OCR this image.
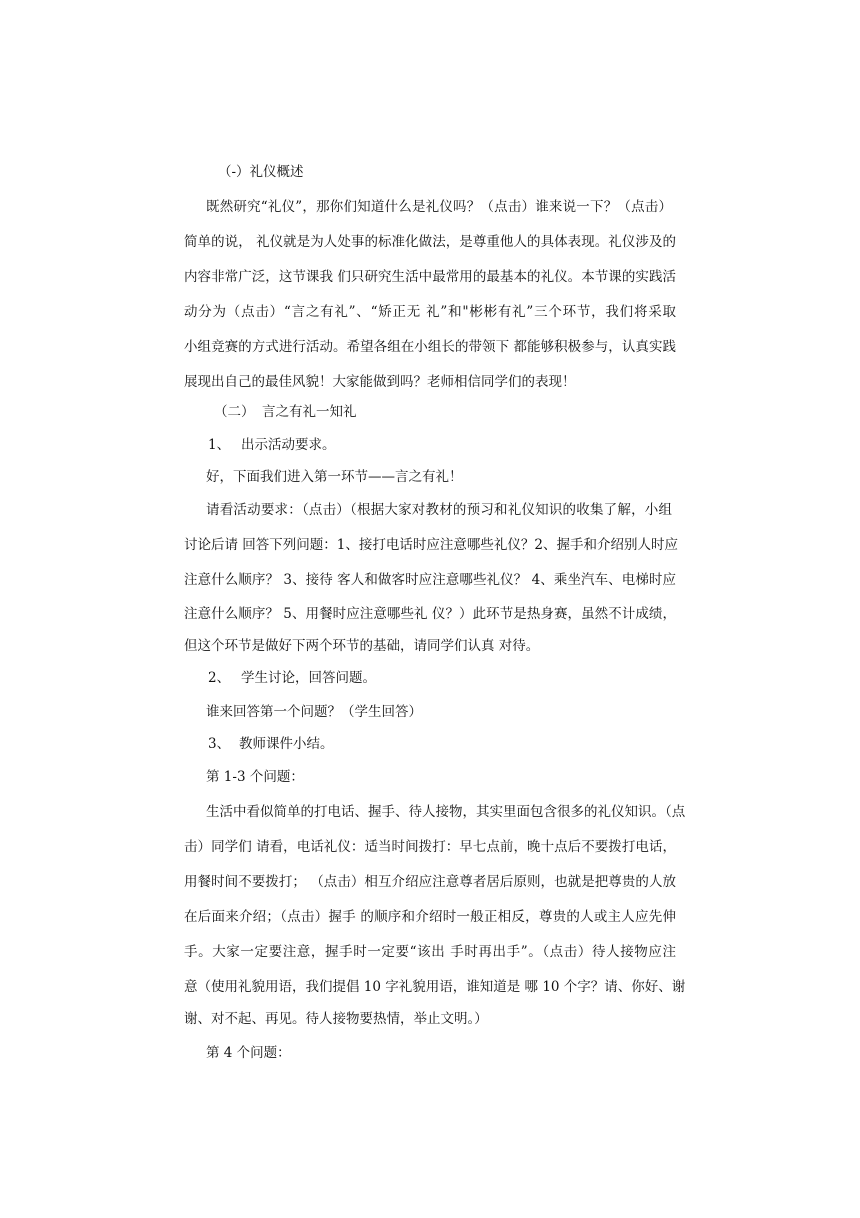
（-）礼仪概述
既然研究“礼仪”，那你们知道什么是礼仪吗？（点击）谁来说一下？（点击）
简单的说， 礼仪就是为人处事的标准化做法，是尊重他人的具体表现。礼仪涉及的
内容非常广泛，这节课我 们只研究生活中最常用的最基本的礼仪。本节课的实践活
动分为（点击）“言之有礼”、“矫正无 礼”和"彬彬有礼”三个环节，我们将采取
小组竞赛的方式进行活动。希望各组在小组长的带领下 都能够积极参与，认真实践
展现出自己的最佳风貌！大家能做到吗？老师相信同学们的表现！
（二） 言之有礼一知礼
1、 出示活动要求。
好，下面我们进入第一环节——言之有礼！
请看活动要求：（点击）（根据大家对教材的预习和礼仪知识的收集了解，小组
讨论后请 回答下列问题：1、接打电话时应注意哪些礼仪？2、握手和介绍别人时应
注意什么顺序？ 3、接待 客人和做客时应注意哪些礼仪？ 4、乘坐汽车、电梯时应
注意什么顺序？ 5、用餐时应注意哪些礼 仪？）此环节是热身赛，虽然不计成绩，
但这个环节是做好下两个环节的基础，请同学们认真 对待。
2、 学生讨论，回答问题。
谁来回答第一个问题？（学生回答）
3、 教师课件小结。
第 1-3 个问题：
生活中看似简单的打电话、握手、待人接物，其实里面包含很多的礼仪知识。（点
击）同学们 请看，电话礼仪：适当时间拨打：早七点前，晚十点后不要拨打电话，
用餐时间不要拨打； （点击）相互介绍应注意尊者居后原则，也就是把尊贵的人放
在后面来介绍；（点击）握手 的顺序和介绍时一般正相反，尊贵的人或主人应先伸
手。大家一定要注意，握手时一定要“该出 手时再出手”。（点击）待人接物应注
意（使用礼貌用语，我们提倡 10 字礼貌用语，谁知道是 哪 10 个字？请、你好、谢
谢、对不起、再见。待人接物要热情，举止文明。）
第 4 个问题：
